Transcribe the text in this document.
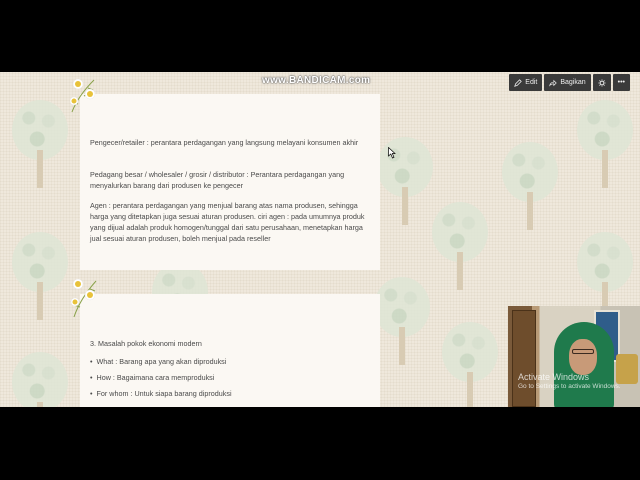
www.BANDICAM.com	Edit	Bagikan	•••
Pengecer/retailer : perantara perdagangan yang langsung melayani konsumen akhir
Pedagang besar / wholesaler / grosir / distributor : Perantara perdagangan yang menyalurkan barang dari produsen ke pengecer
Agen : perantara perdagangan yang menjual barang atas nama produsen, sehingga harga yang ditetapkan juga sesuai aturan produsen. ciri agen : pada umumnya produk yang dijual adalah produk homogen/tunggal dari satu perusahaan, menetapkan harga jual sesuai aturan produsen, boleh menjual pada reseller
3. Masalah pokok ekonomi modern
•  What : Barang apa yang akan diproduksi
•  How : Bagaimana cara memproduksi
•  For whom : Untuk siapa barang diproduksi
Activate Windows
Go to Settings to activate Windows.
